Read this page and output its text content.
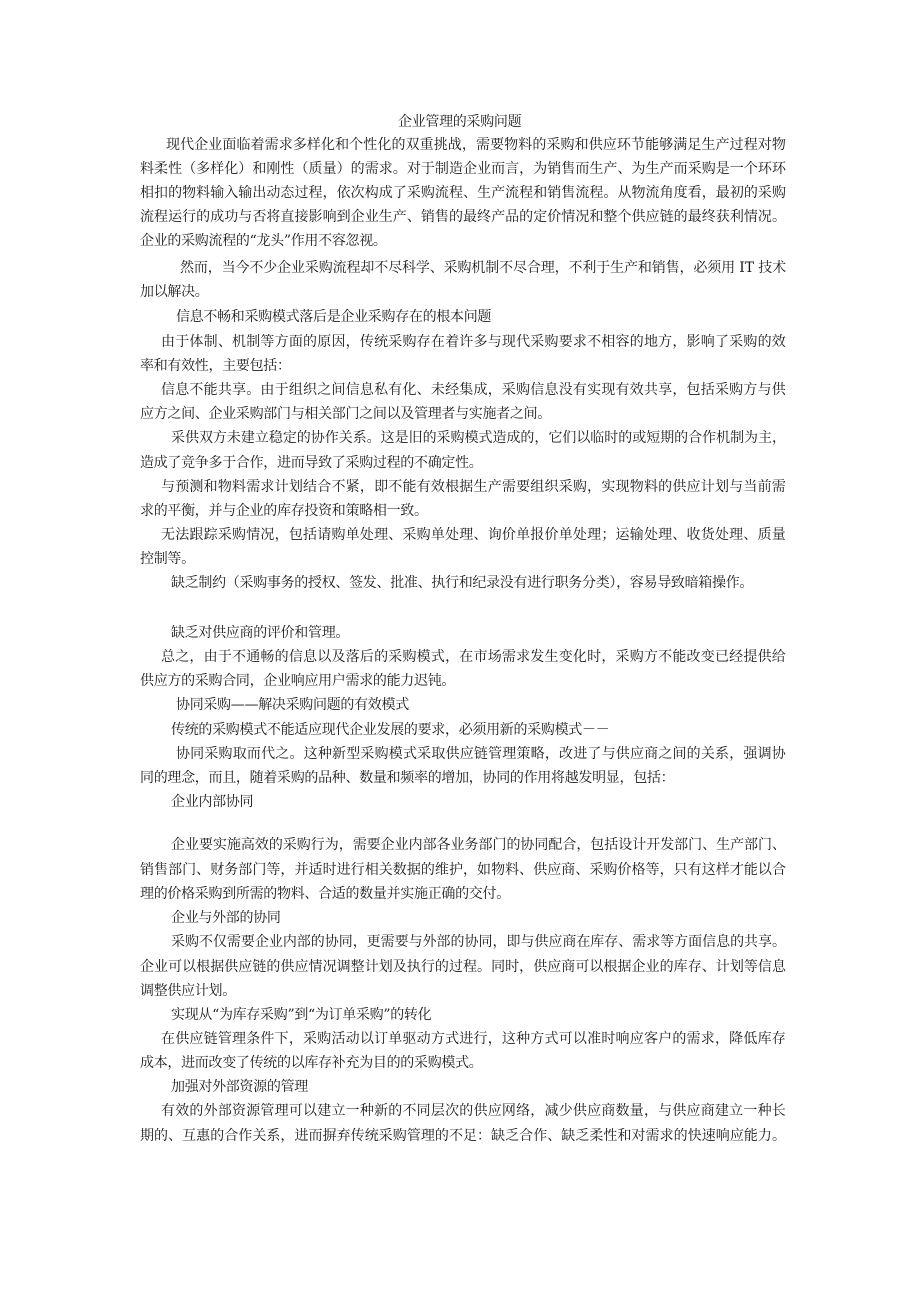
企业管理的采购问题
现代企业面临着需求多样化和个性化的双重挑战，需要物料的采购和供应环节能够满足生产过程对物
料柔性（多样化）和刚性（质量）的需求。对于制造企业而言，为销售而生产、为生产而采购是一个环环
相扣的物料输入输出动态过程，依次构成了采购流程、生产流程和销售流程。从物流角度看，最初的采购
流程运行的成功与否将直接影响到企业生产、销售的最终产品的定价情况和整个供应链的最终获利情况。
企业的采购流程的“龙头”作用不容忽视。
然而，当今不少企业采购流程却不尽科学、采购机制不尽合理，不利于生产和销售，必须用 IT 技术
加以解决。
信息不畅和采购模式落后是企业采购存在的根本问题
由于体制、机制等方面的原因，传统采购存在着许多与现代采购要求不相容的地方，影响了采购的效
率和有效性，主要包括：
信息不能共享。由于组织之间信息私有化、未经集成，采购信息没有实现有效共享，包括采购方与供
应方之间、企业采购部门与相关部门之间以及管理者与实施者之间。
采供双方未建立稳定的协作关系。这是旧的采购模式造成的，它们以临时的或短期的合作机制为主，
造成了竞争多于合作，进而导致了采购过程的不确定性。
与预测和物料需求计划结合不紧，即不能有效根据生产需要组织采购，实现物料的供应计划与当前需
求的平衡，并与企业的库存投资和策略相一致。
无法跟踪采购情况，包括请购单处理、采购单处理、询价单报价单处理；运输处理、收货处理、质量
控制等。
缺乏制约（采购事务的授权、签发、批准、执行和纪录没有进行职务分类），容易导致暗箱操作。
缺乏对供应商的评价和管理。
总之，由于不通畅的信息以及落后的采购模式，在市场需求发生变化时，采购方不能改变已经提供给
供应方的采购合同，企业响应用户需求的能力迟钝。
协同采购——解决采购问题的有效模式
传统的采购模式不能适应现代企业发展的要求，必须用新的采购模式－－
协同采购取而代之。这种新型采购模式采取供应链管理策略，改进了与供应商之间的关系，强调协
同的理念，而且，随着采购的品种、数量和频率的增加，协同的作用将越发明显，包括：
企业内部协同
企业要实施高效的采购行为，需要企业内部各业务部门的协同配合，包括设计开发部门、生产部门、
销售部门、财务部门等，并适时进行相关数据的维护，如物料、供应商、采购价格等，只有这样才能以合
理的价格采购到所需的物料、合适的数量并实施正确的交付。
企业与外部的协同
采购不仅需要企业内部的协同，更需要与外部的协同，即与供应商在库存、需求等方面信息的共享。
企业可以根据供应链的供应情况调整计划及执行的过程。同时，供应商可以根据企业的库存、计划等信息
调整供应计划。
实现从“为库存采购”到“为订单采购”的转化
在供应链管理条件下，采购活动以订单驱动方式进行，这种方式可以准时响应客户的需求，降低库存
成本，进而改变了传统的以库存补充为目的的采购模式。
加强对外部资源的管理
有效的外部资源管理可以建立一种新的不同层次的供应网络，减少供应商数量，与供应商建立一种长
期的、互惠的合作关系，进而摒弃传统采购管理的不足：缺乏合作、缺乏柔性和对需求的快速响应能力。
